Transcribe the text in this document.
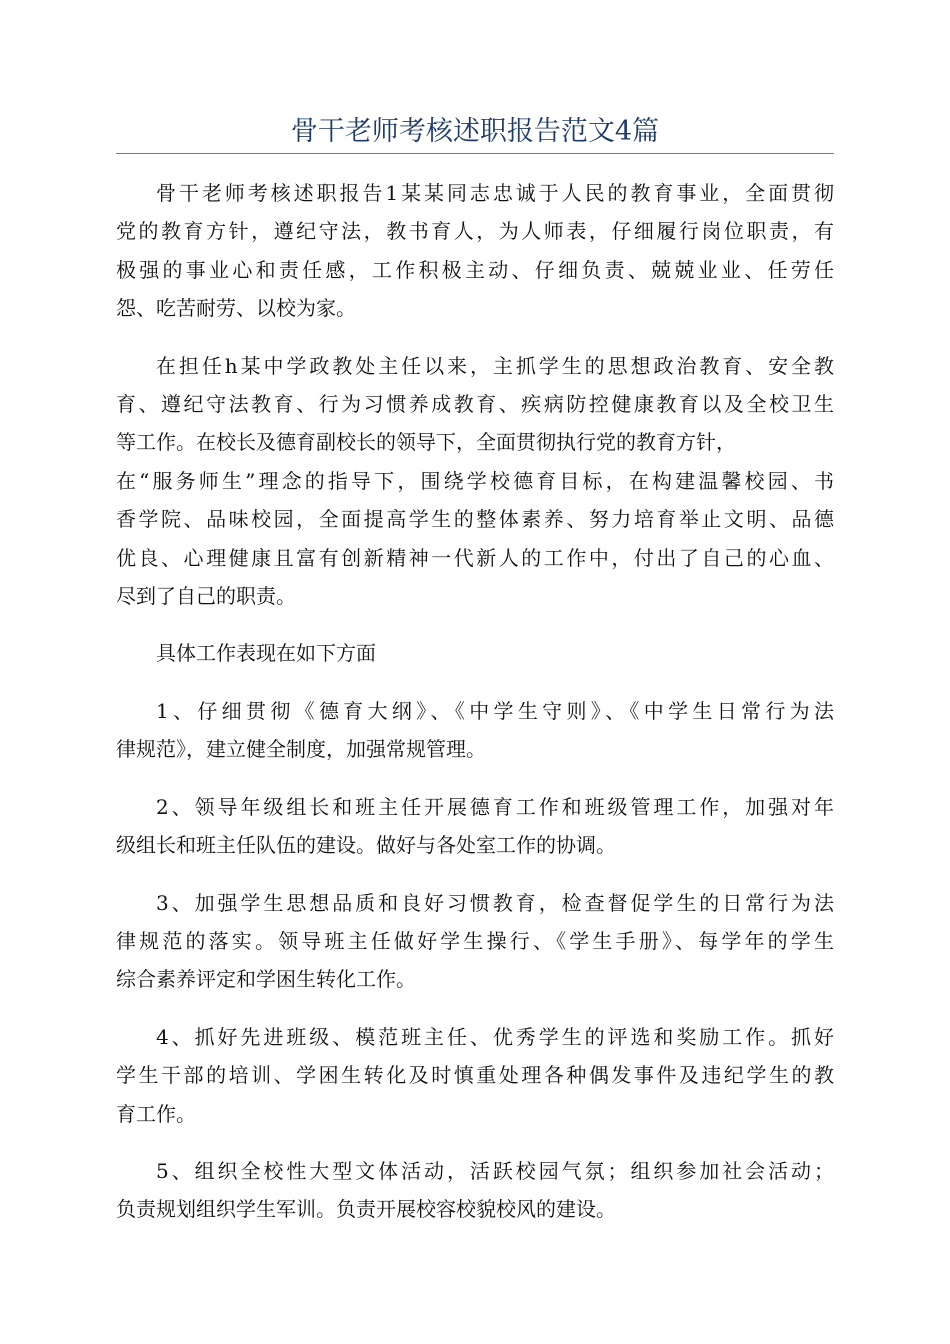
骨干老师考核述职报告范文4篇
骨干老师考核述职报告1某某同志忠诚于人民的教育事业，全面贯彻
党的教育方针，遵纪守法，教书育人，为人师表，仔细履行岗位职责，有
极强的事业心和责任感，工作积极主动、仔细负责、兢兢业业、任劳任
怨、吃苦耐劳、以校为家。
在担任h某中学政教处主任以来，主抓学生的思想政治教育、安全教
育、遵纪守法教育、行为习惯养成教育、疾病防控健康教育以及全校卫生
等工作。在校长及德育副校长的领导下，全面贯彻执行党的教育方针，
在“服务师生”理念的指导下，围绕学校德育目标，在构建温馨校园、书
香学院、品味校园，全面提高学生的整体素养、努力培育举止文明、品德
优良、心理健康且富有创新精神一代新人的工作中，付出了自己的心血、
尽到了自己的职责。
具体工作表现在如下方面
1、仔细贯彻《德育大纲》、《中学生守则》、《中学生日常行为法
律规范》，建立健全制度，加强常规管理。
2、领导年级组长和班主任开展德育工作和班级管理工作，加强对年
级组长和班主任队伍的建设。做好与各处室工作的协调。
3、加强学生思想品质和良好习惯教育，检查督促学生的日常行为法
律规范的落实。领导班主任做好学生操行、《学生手册》、每学年的学生
综合素养评定和学困生转化工作。
4、抓好先进班级、模范班主任、优秀学生的评选和奖励工作。抓好
学生干部的培训、学困生转化及时慎重处理各种偶发事件及违纪学生的教
育工作。
5、组织全校性大型文体活动，活跃校园气氛；组织参加社会活动；
负责规划组织学生军训。负责开展校容校貌校风的建设。
